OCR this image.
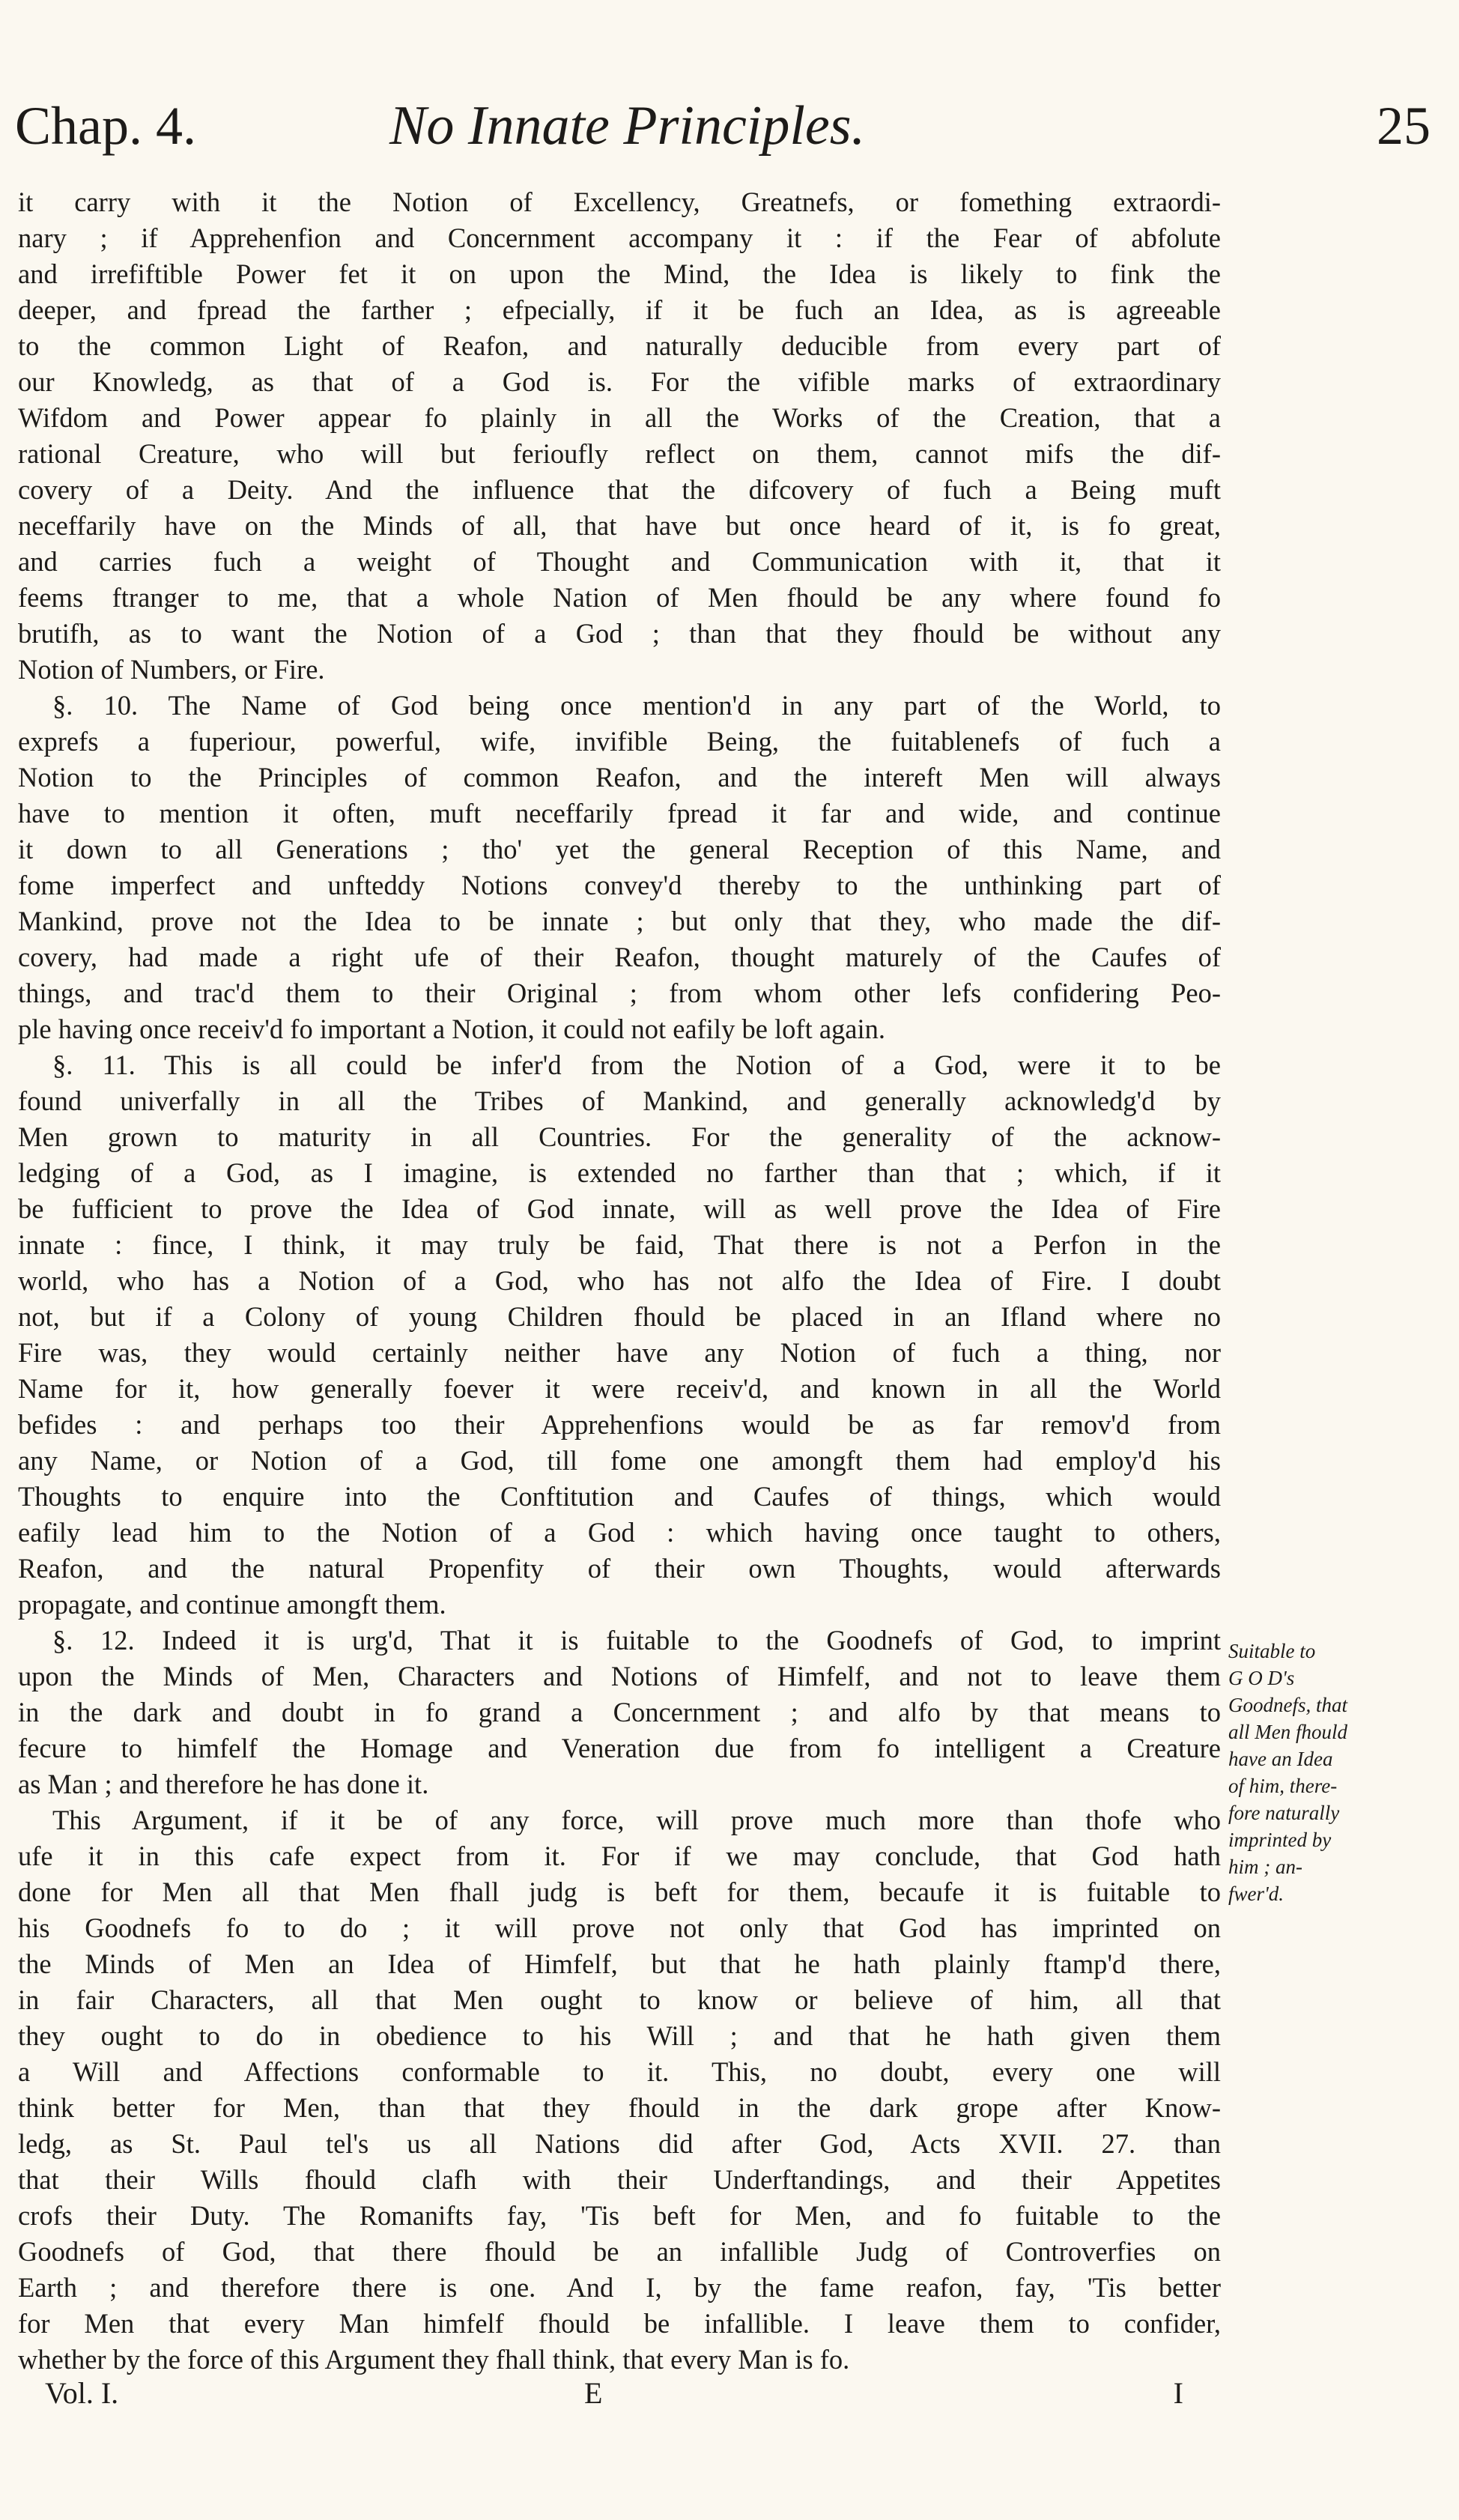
Chap. 4.	No Innate Principles.	25
it carry with it the Notion of Excellency, Greatnefs, or fomething extraordi-
nary ; if Apprehenfion and Concernment accompany it : if the Fear of abfolute
and irrefiftible Power fet it on upon the Mind, the Idea is likely to fink the
deeper, and fpread the farther ; efpecially, if it be fuch an Idea, as is agreeable
to the common Light of Reafon, and naturally deducible from every part of
our Knowledg, as that of a God is. For the vifible marks of extraordinary
Wifdom and Power appear fo plainly in all the Works of the Creation, that a
rational Creature, who will but ferioufly reflect on them, cannot mifs the dif-
covery of a Deity. And the influence that the difcovery of fuch a Being muft
neceffarily have on the Minds of all, that have but once heard of it, is fo great,
and carries fuch a weight of Thought and Communication with it, that it
feems ftranger to me, that a whole Nation of Men fhould be any where found fo
brutifh, as to want the Notion of a God ; than that they fhould be without any
Notion of Numbers, or Fire.
§. 10. The Name of God being once mention'd in any part of the World, to
exprefs a fuperiour, powerful, wife, invifible Being, the fuitablenefs of fuch a
Notion to the Principles of common Reafon, and the intereft Men will always
have to mention it often, muft neceffarily fpread it far and wide, and continue
it down to all Generations ; tho' yet the general Reception of this Name, and
fome imperfect and unfteddy Notions convey'd thereby to the unthinking part of
Mankind, prove not the Idea to be innate ; but only that they, who made the dif-
covery, had made a right ufe of their Reafon, thought maturely of the Caufes of
things, and trac'd them to their Original ; from whom other lefs confidering Peo-
ple having once receiv'd fo important a Notion, it could not eafily be loft again.
§. 11. This is all could be infer'd from the Notion of a God, were it to be
found univerfally in all the Tribes of Mankind, and generally acknowledg'd by
Men grown to maturity in all Countries. For the generality of the acknow-
ledging of a God, as I imagine, is extended no farther than that ; which, if it
be fufficient to prove the Idea of God innate, will as well prove the Idea of Fire
innate : fince, I think, it may truly be faid, That there is not a Perfon in the
world, who has a Notion of a God, who has not alfo the Idea of Fire. I doubt
not, but if a Colony of young Children fhould be placed in an Ifland where no
Fire was, they would certainly neither have any Notion of fuch a thing, nor
Name for it, how generally foever it were receiv'd, and known in all the World
befides : and perhaps too their Apprehenfions would be as far remov'd from
any Name, or Notion of a God, till fome one amongft them had employ'd his
Thoughts to enquire into the Conftitution and Caufes of things, which would
eafily lead him to the Notion of a God : which having once taught to others,
Reafon, and the natural Propenfity of their own Thoughts, would afterwards
propagate, and continue amongft them.
§. 12. Indeed it is urg'd, That it is fuitable to the Goodnefs of God, to imprint
upon the Minds of Men, Characters and Notions of Himfelf, and not to leave them
in the dark and doubt in fo grand a Concernment ; and alfo by that means to
fecure to himfelf the Homage and Veneration due from fo intelligent a Creature
as Man ; and therefore he has done it.
This Argument, if it be of any force, will prove much more than thofe who
ufe it in this cafe expect from it. For if we may conclude, that God hath
done for Men all that Men fhall judg is beft for them, becaufe it is fuitable to
his Goodnefs fo to do ; it will prove not only that God has imprinted on
the Minds of Men an Idea of Himfelf, but that he hath plainly ftamp'd there,
in fair Characters, all that Men ought to know or believe of him, all that
they ought to do in obedience to his Will ; and that he hath given them
a Will and Affections conformable to it. This, no doubt, every one will
think better for Men, than that they fhould in the dark grope after Know-
ledg, as St. Paul tel's us all Nations did after God, Acts XVII. 27. than
that their Wills fhould clafh with their Underftandings, and their Appetites
crofs their Duty. The Romanifts fay, 'Tis beft for Men, and fo fuitable to the
Goodnefs of God, that there fhould be an infallible Judg of Controverfies on
Earth ; and therefore there is one. And I, by the fame reafon, fay, 'Tis better
for Men that every Man himfelf fhould be infallible. I leave them to confider,
whether by the force of this Argument they fhall think, that every Man is fo.
Suitable to
G O D's
Goodnefs, that
all Men fhould
have an Idea
of him, there-
fore naturally
imprinted by
him ; an-
fwer'd.
Vol. I.	E	I
